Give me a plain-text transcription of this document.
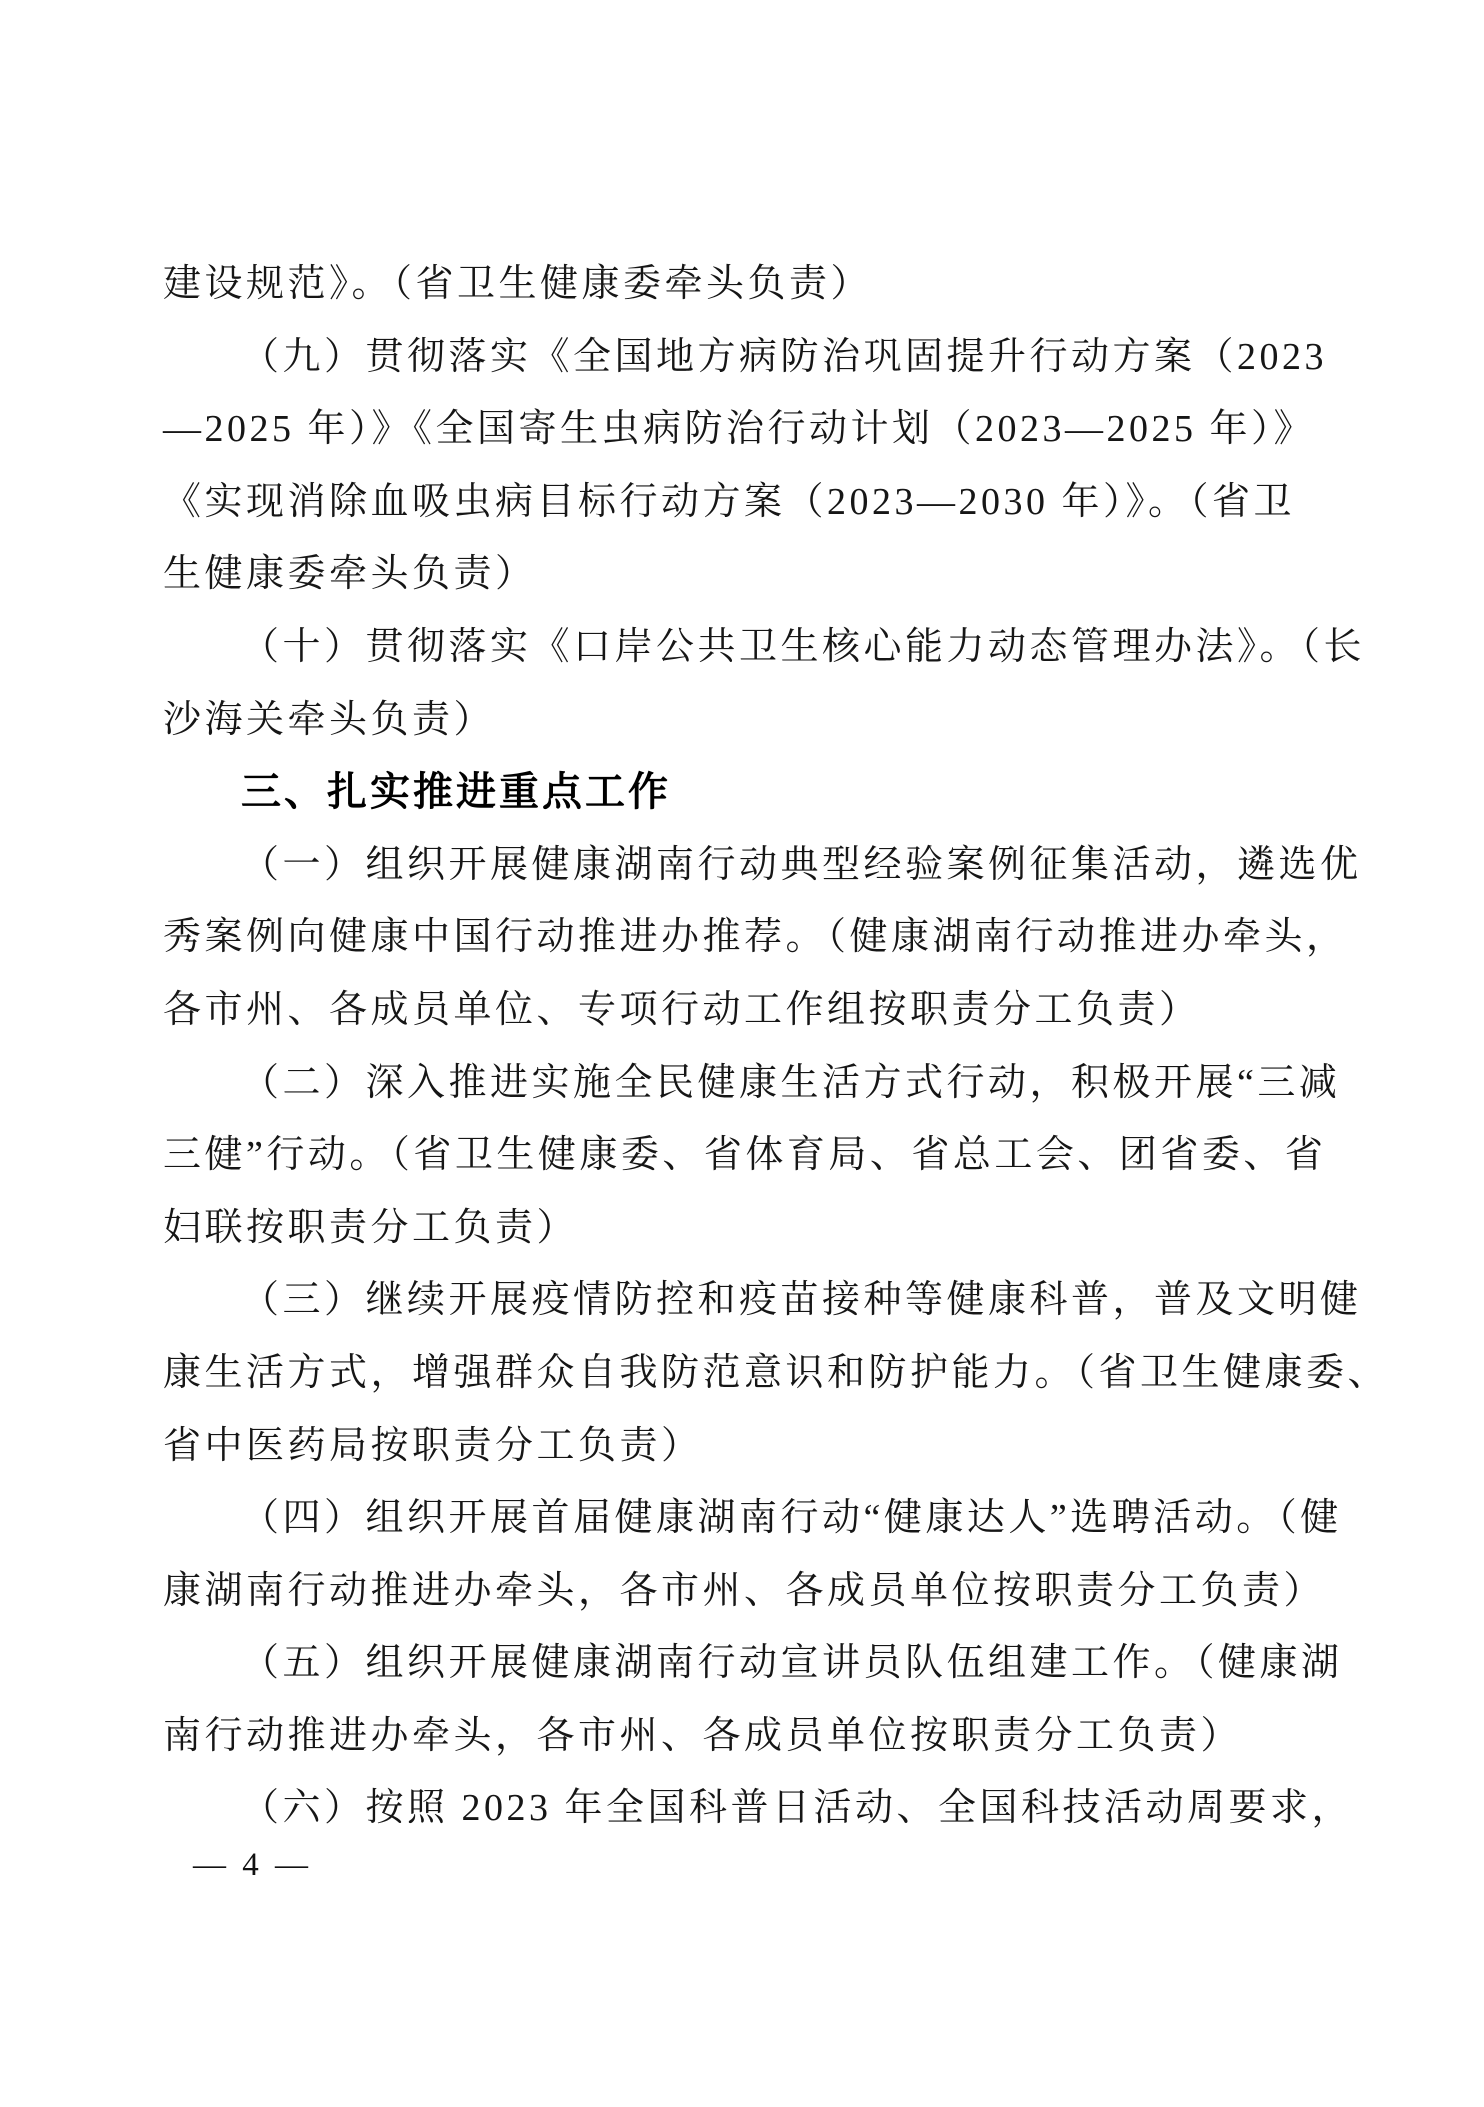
建设规范》。（省卫生健康委牵头负责）
（九）贯彻落实《全国地方病防治巩固提升行动方案（2023
—2025 年）》《全国寄生虫病防治行动计划（2023—2025 年）》
《实现消除血吸虫病目标行动方案（2023—2030 年）》。（省卫
生健康委牵头负责）
（十）贯彻落实《口岸公共卫生核心能力动态管理办法》。（长
沙海关牵头负责）
三、扎实推进重点工作
（一）组织开展健康湖南行动典型经验案例征集活动，遴选优
秀案例向健康中国行动推进办推荐。（健康湖南行动推进办牵头，
各市州、各成员单位、专项行动工作组按职责分工负责）
（二）深入推进实施全民健康生活方式行动，积极开展“三减
三健”行动。（省卫生健康委、省体育局、省总工会、团省委、省
妇联按职责分工负责）
（三）继续开展疫情防控和疫苗接种等健康科普，普及文明健
康生活方式，增强群众自我防范意识和防护能力。（省卫生健康委、
省中医药局按职责分工负责）
（四）组织开展首届健康湖南行动“健康达人”选聘活动。（健
康湖南行动推进办牵头，各市州、各成员单位按职责分工负责）
（五）组织开展健康湖南行动宣讲员队伍组建工作。（健康湖
南行动推进办牵头，各市州、各成员单位按职责分工负责）
（六）按照 2023 年全国科普日活动、全国科技活动周要求，
— 4 —
